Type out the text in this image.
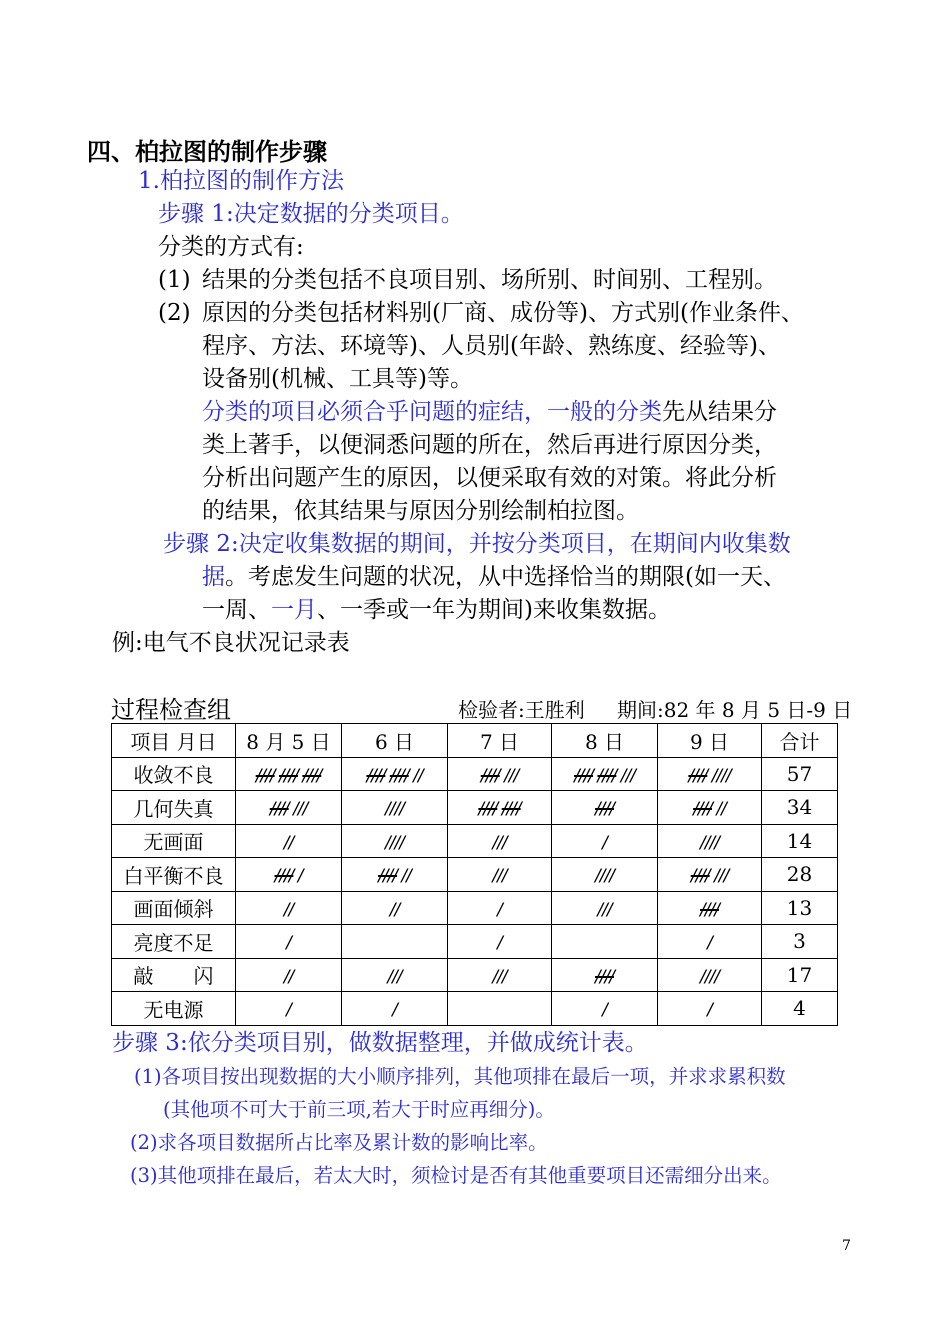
四、柏拉图的制作步骤
1.柏拉图的制作方法
步骤 1:决定数据的分类项目。
分类的方式有:
(1) 结果的分类包括不良项目别、场所别、时间别、工程别。
(2) 原因的分类包括材料别(厂商、成份等)、方式别(作业条件、
程序、方法、环境等)、人员别(年龄、熟练度、经验等)、
设备别(机械、工具等)等。
分类的项目必须合乎问题的症结，一般的分类先从结果分
类上著手，以便洞悉问题的所在，然后再进行原因分类，
分析出问题产生的原因，以便采取有效的对策。将此分析
的结果，依其结果与原因分别绘制柏拉图。
步骤 2:决定收集数据的期间，并按分类项目，在期间内收集数
据。考虑发生问题的状况，从中选择恰当的期限(如一天、
一周、一月、一季或一年为期间)来收集数据。
例:电气不良状况记录表
过程检查组	检验者:王胜利 期间:82 年 8 月 5 日-9 日
项目 月日	8 月 5 日	6 日	7 日	8 日	9 日	合计
收敛不良	//// //// ////	//// //// //	//// ///	//// //// ///	//// ////	57
几何失真	//// ///	////	//// ////	////	//// //	34
无画面	//	////	///	/	////	14
白平衡不良	//// /	//// //	///	////	//// ///	28
画面倾斜	//	//	/	///	////	13
亮度不足	/		/		/	3
敲　　闪	//	///	///	////	////	17
无电源	/	/		/	/	4
步骤 3:依分类项目别，做数据整理，并做成统计表。
(1)各项目按出现数据的大小顺序排列，其他项排在最后一项，并求求累积数
(其他项不可大于前三项,若大于时应再细分)。
(2)求各项目数据所占比率及累计数的影响比率。
(3)其他项排在最后，若太大时，须检讨是否有其他重要项目还需细分出来。
7
